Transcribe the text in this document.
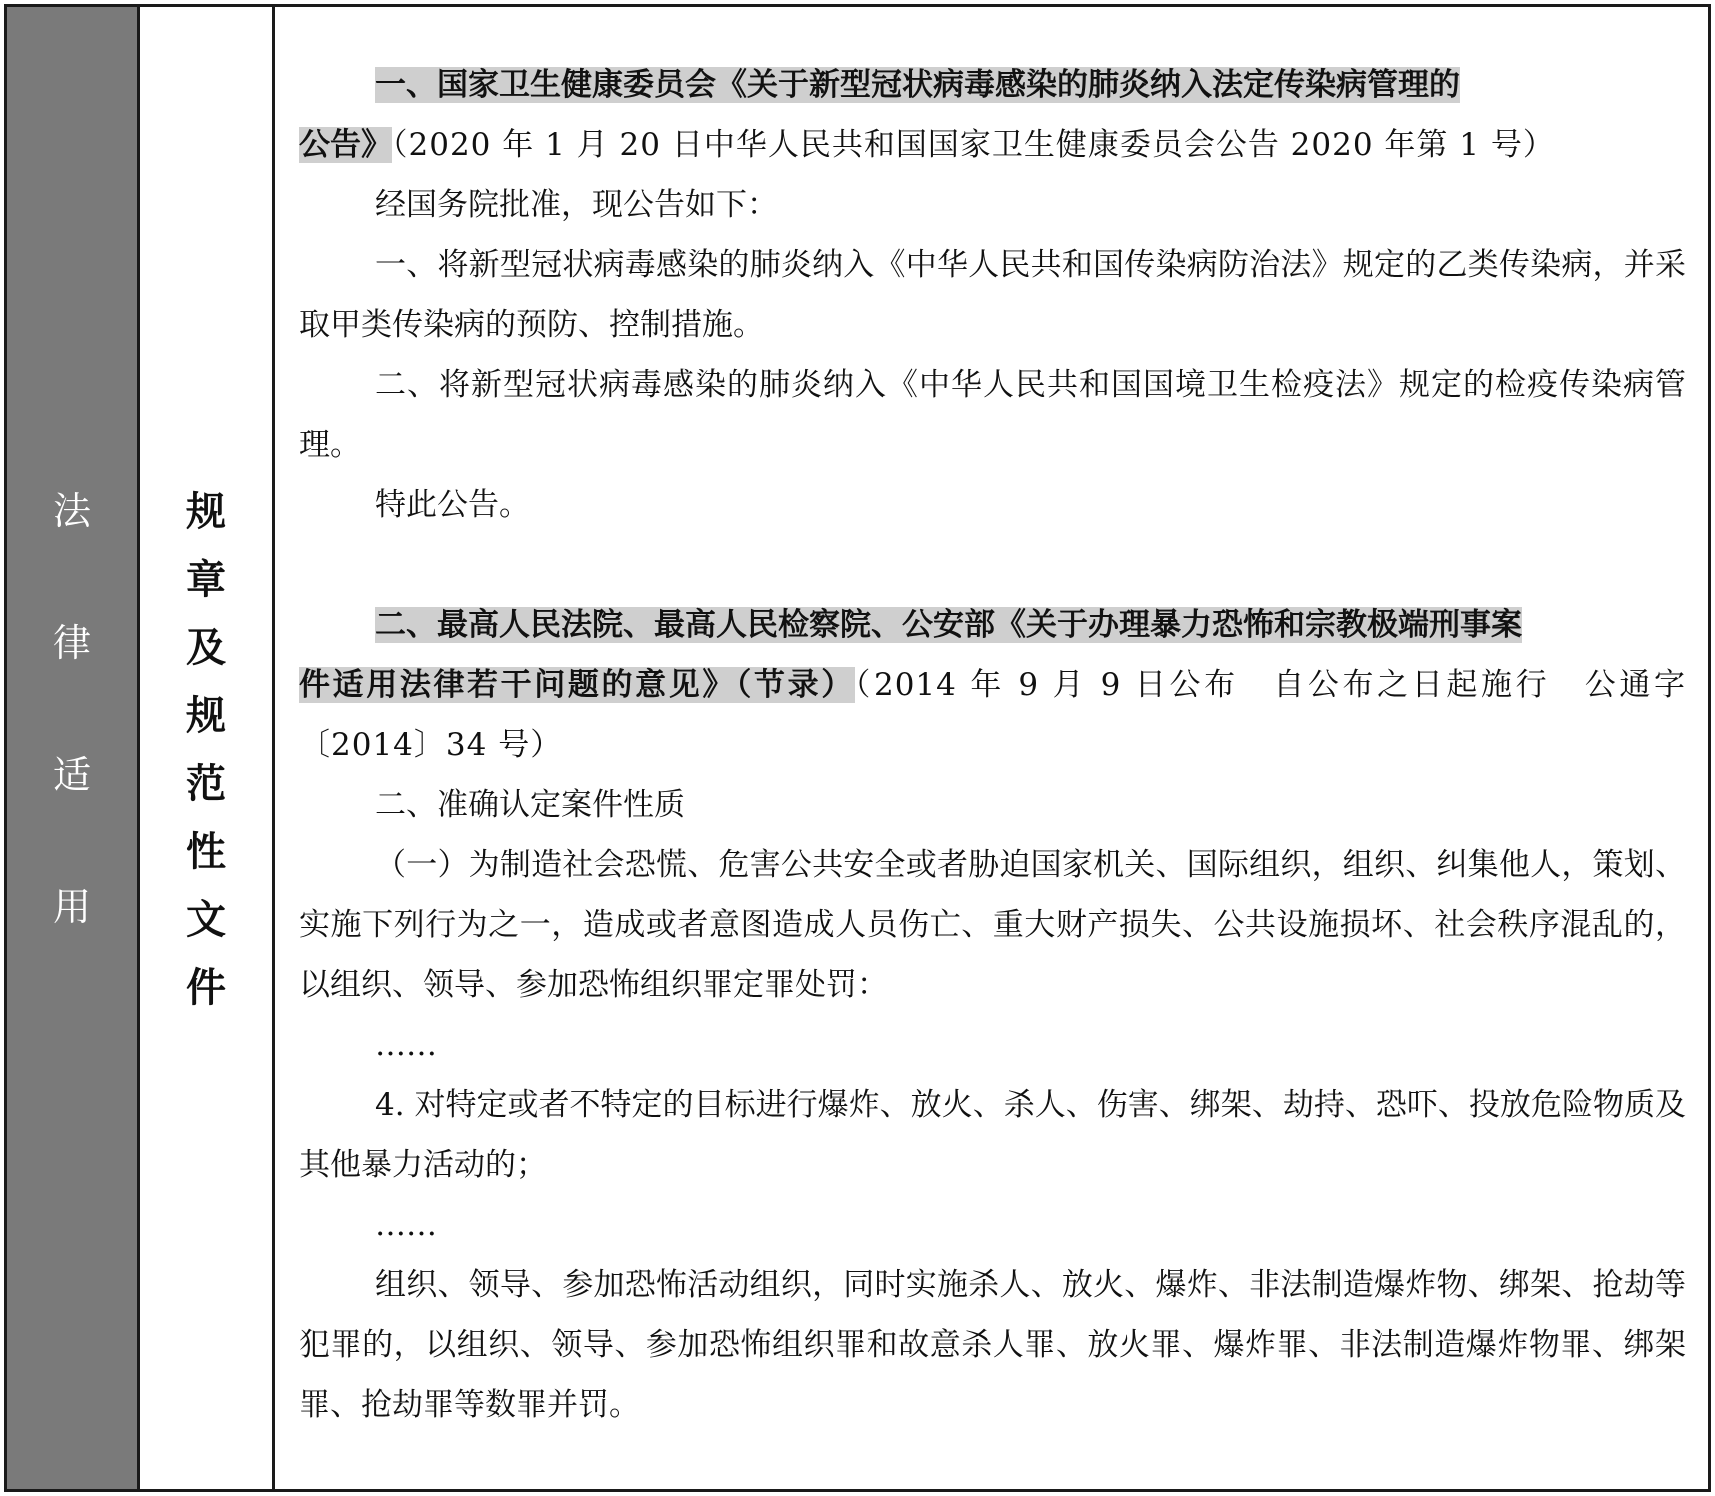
法
律
适
用
规
章
及
规
范
性
文
件

一、国家卫生健康委员会《关于新型冠状病毒感染的肺炎纳入法定传染病管理的
公告》（2020 年 1 月 20 日中华人民共和国国家卫生健康委员会公告 2020 年第 1 号）

经国务院批准，现公告如下：

一、将新型冠状病毒感染的肺炎纳入《中华人民共和国传染病防治法》规定的乙类传染病，并采取甲类传染病的预防、控制措施。

二、将新型冠状病毒感染的肺炎纳入《中华人民共和国国境卫生检疫法》规定的检疫传染病管理。

特此公告。

二、最高人民法院、最高人民检察院、公安部《关于办理暴力恐怖和宗教极端刑事案
件适用法律若干问题的意见》（节录）（2014 年 9 月 9 日公布　自公布之日起施行　公通字〔2014〕34 号）

二、准确认定案件性质

（一）为制造社会恐慌、危害公共安全或者胁迫国家机关、国际组织，组织、纠集他人，策划、实施下列行为之一，造成或者意图造成人员伤亡、重大财产损失、公共设施损坏、社会秩序混乱的，以组织、领导、参加恐怖组织罪定罪处罚：

……

4. 对特定或者不特定的目标进行爆炸、放火、杀人、伤害、绑架、劫持、恐吓、投放危险物质及其他暴力活动的；

……

组织、领导、参加恐怖活动组织，同时实施杀人、放火、爆炸、非法制造爆炸物、绑架、抢劫等犯罪的，以组织、领导、参加恐怖组织罪和故意杀人罪、放火罪、爆炸罪、非法制造爆炸物罪、绑架罪、抢劫罪等数罪并罚。
